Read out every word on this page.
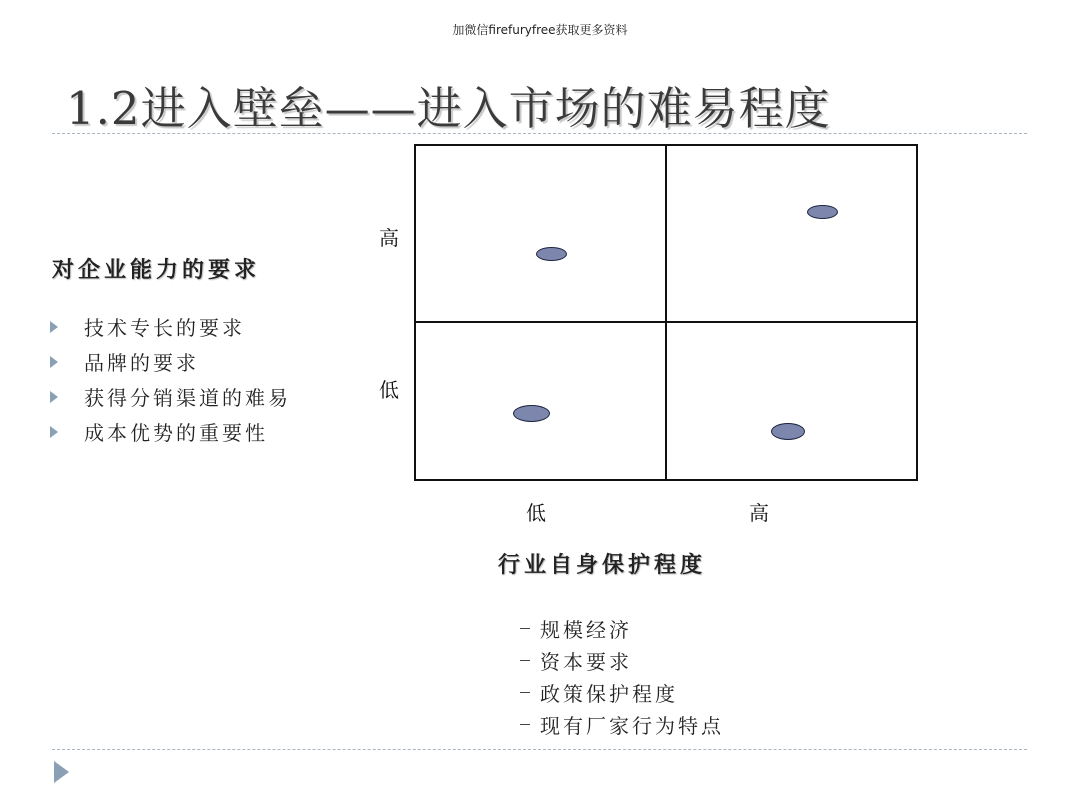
加微信firefuryfree获取更多资料
1.2进入壁垒——进入市场的难易程度
对企业能力的要求
技术专长的要求
品牌的要求
获得分销渠道的难易
成本优势的重要性
高
低
低	高
行业自身保护程度
规模经济
资本要求
政策保护程度
现有厂家行为特点
